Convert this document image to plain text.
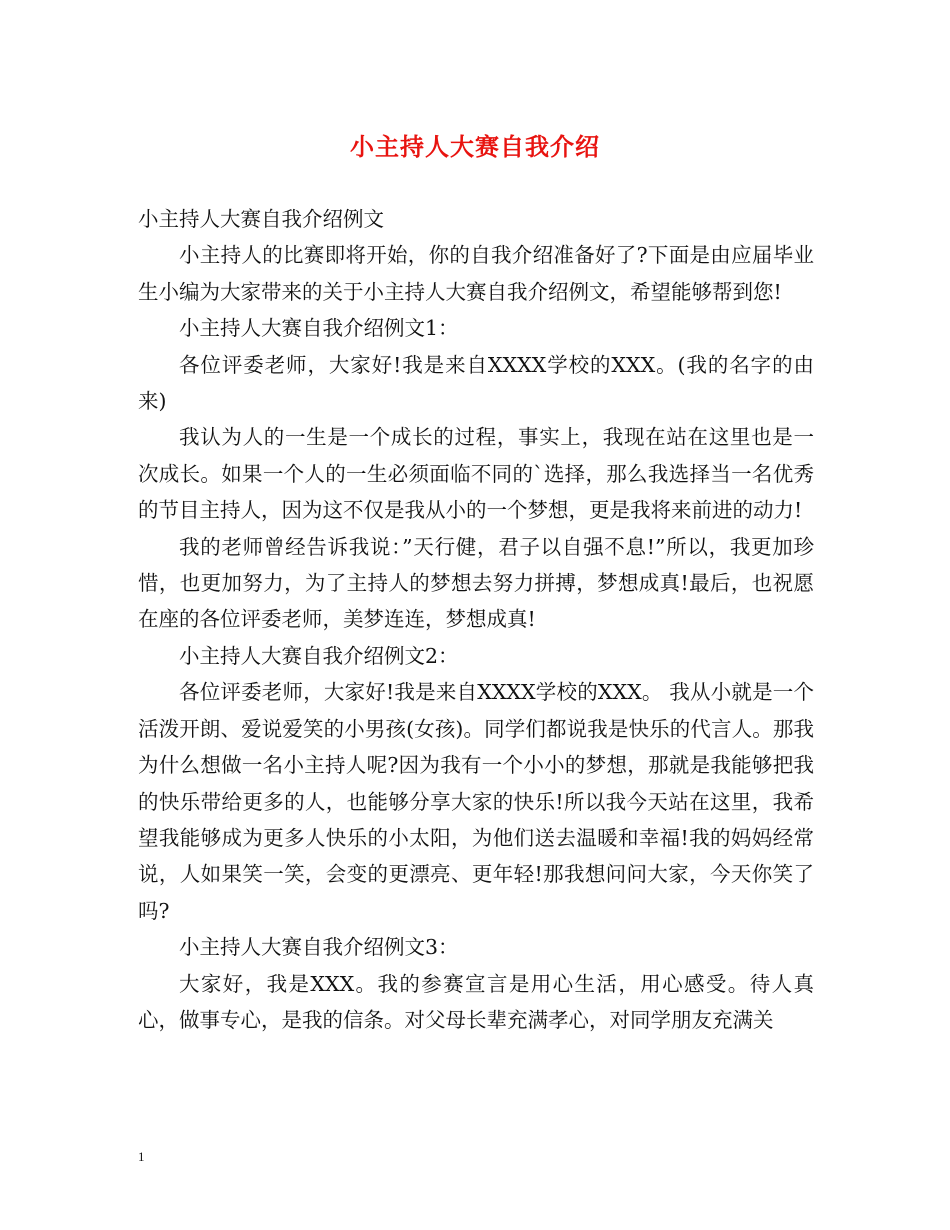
小主持人大赛自我介绍

小主持人大赛自我介绍例文

小主持人的比赛即将开始，你的自我介绍准备好了?下面是由应届毕业生小编为大家带来的关于小主持人大赛自我介绍例文，希望能够帮到您!

小主持人大赛自我介绍例文1：

各位评委老师，大家好!我是来自XXXX学校的XXX。(我的名字的由来)

我认为人的一生是一个成长的过程，事实上，我现在站在这里也是一次成长。如果一个人的一生必须面临不同的`选择，那么我选择当一名优秀的节目主持人，因为这不仅是我从小的一个梦想，更是我将来前进的动力!

我的老师曾经告诉我说：”天行健，君子以自强不息!”所以，我更加珍惜，也更加努力，为了主持人的梦想去努力拼搏，梦想成真!最后，也祝愿在座的各位评委老师，美梦连连，梦想成真!

小主持人大赛自我介绍例文2：

各位评委老师，大家好!我是来自XXXX学校的XXX。 我从小就是一个活泼开朗、爱说爱笑的小男孩(女孩)。同学们都说我是快乐的代言人。那我为什么想做一名小主持人呢?因为我有一个小小的梦想，那就是我能够把我的快乐带给更多的人，也能够分享大家的快乐!所以我今天站在这里，我希望我能够成为更多人快乐的小太阳，为他们送去温暖和幸福!我的妈妈经常说，人如果笑一笑，会变的更漂亮、更年轻!那我想问问大家，今天你笑了吗?

小主持人大赛自我介绍例文3：

大家好，我是XXX。我的参赛宣言是用心生活，用心感受。待人真心，做事专心，是我的信条。对父母长辈充满孝心，对同学朋友充满关

1
